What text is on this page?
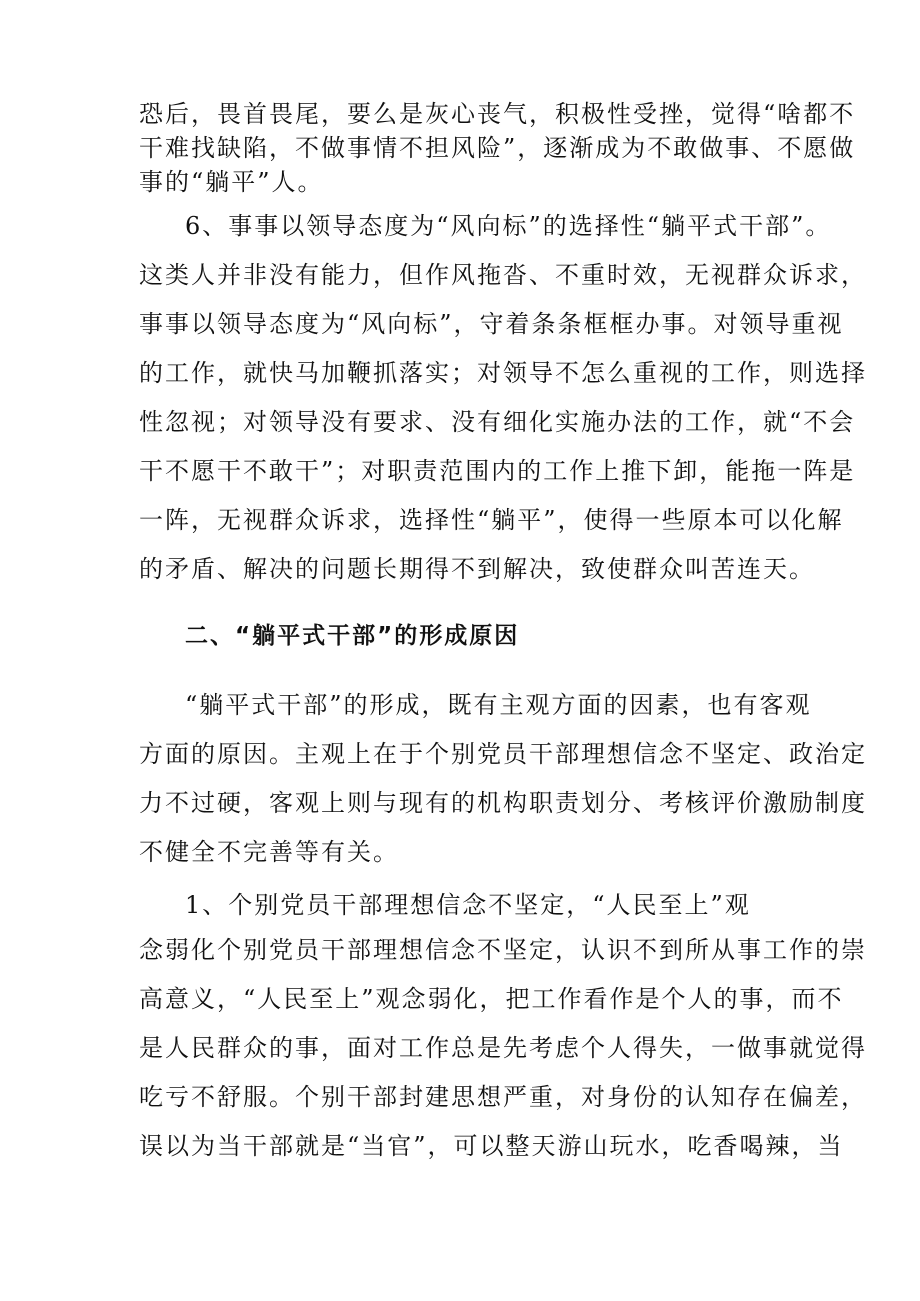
恐后，畏首畏尾，要么是灰心丧气，积极性受挫，觉得“啥都不
干难找缺陷，不做事情不担风险”，逐渐成为不敢做事、不愿做
事的“躺平”人。
6、事事以领导态度为“风向标”的选择性“躺平式干部”。
这类人并非没有能力，但作风拖沓、不重时效，无视群众诉求，
事事以领导态度为“风向标”，守着条条框框办事。对领导重视
的工作，就快马加鞭抓落实；对领导不怎么重视的工作，则选择
性忽视；对领导没有要求、没有细化实施办法的工作，就“不会
干不愿干不敢干”；对职责范围内的工作上推下卸，能拖一阵是
一阵，无视群众诉求，选择性“躺平”，使得一些原本可以化解
的矛盾、解决的问题长期得不到解决，致使群众叫苦连天。
二、“躺平式干部”的形成原因
“躺平式干部”的形成，既有主观方面的因素，也有客观
方面的原因。主观上在于个别党员干部理想信念不坚定、政治定
力不过硬，客观上则与现有的机构职责划分、考核评价激励制度
不健全不完善等有关。
1、个别党员干部理想信念不坚定，“人民至上”观
念弱化个别党员干部理想信念不坚定，认识不到所从事工作的崇
高意义，“人民至上”观念弱化，把工作看作是个人的事，而不
是人民群众的事，面对工作总是先考虑个人得失，一做事就觉得
吃亏不舒服。个别干部封建思想严重，对身份的认知存在偏差，
误以为当干部就是“当官”，可以整天游山玩水，吃香喝辣，当
